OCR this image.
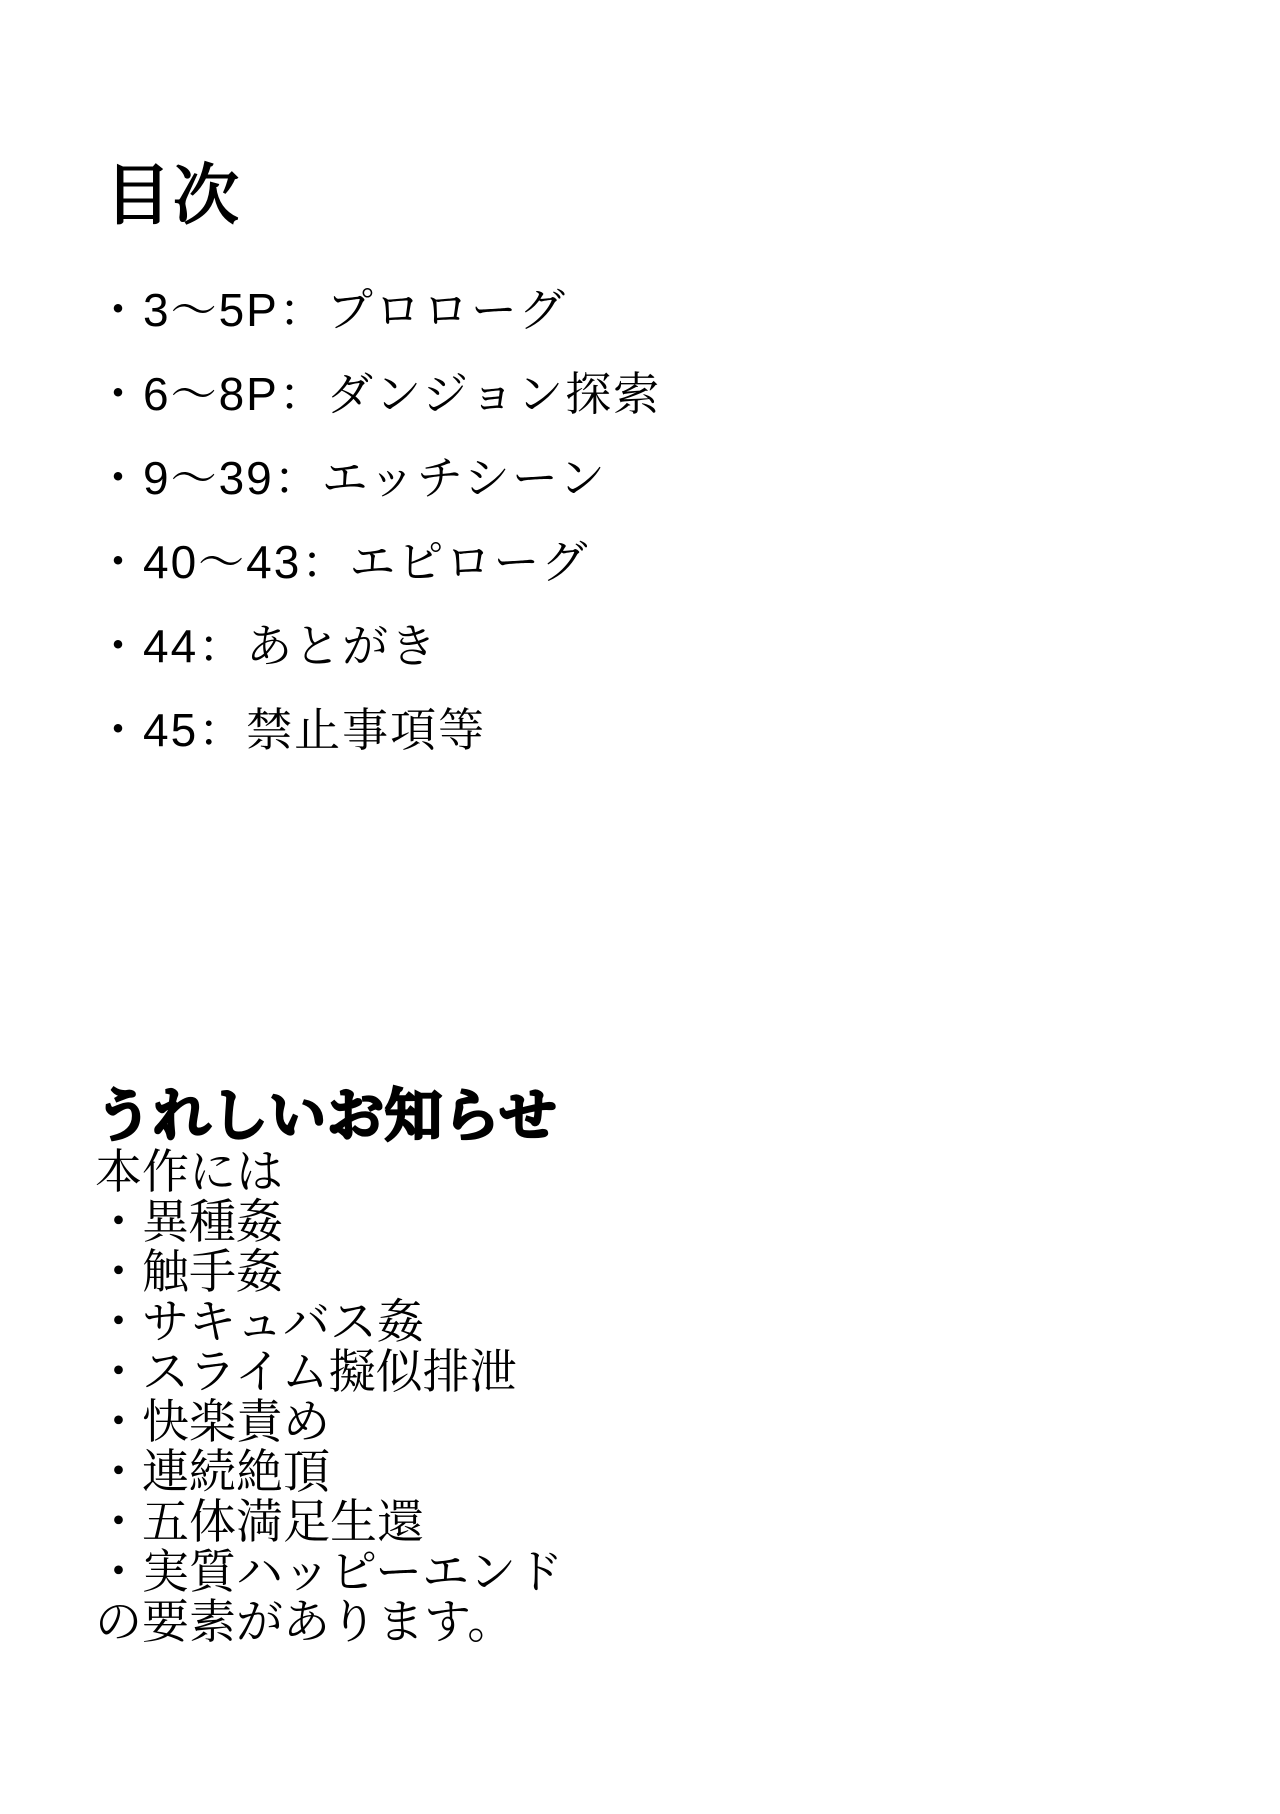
目次
・3〜5P：プロローグ
・6〜8P：ダンジョン探索
・9〜39：エッチシーン
・40〜43：エピローグ
・44：あとがき
・45：禁止事項等
うれしいお知らせ

本作には

・異種姦
・触手姦
・サキュバス姦
・スライム擬似排泄
・快楽責め
・連続絶頂
・五体満足生還
・実質ハッピーエンド

の要素があります。
